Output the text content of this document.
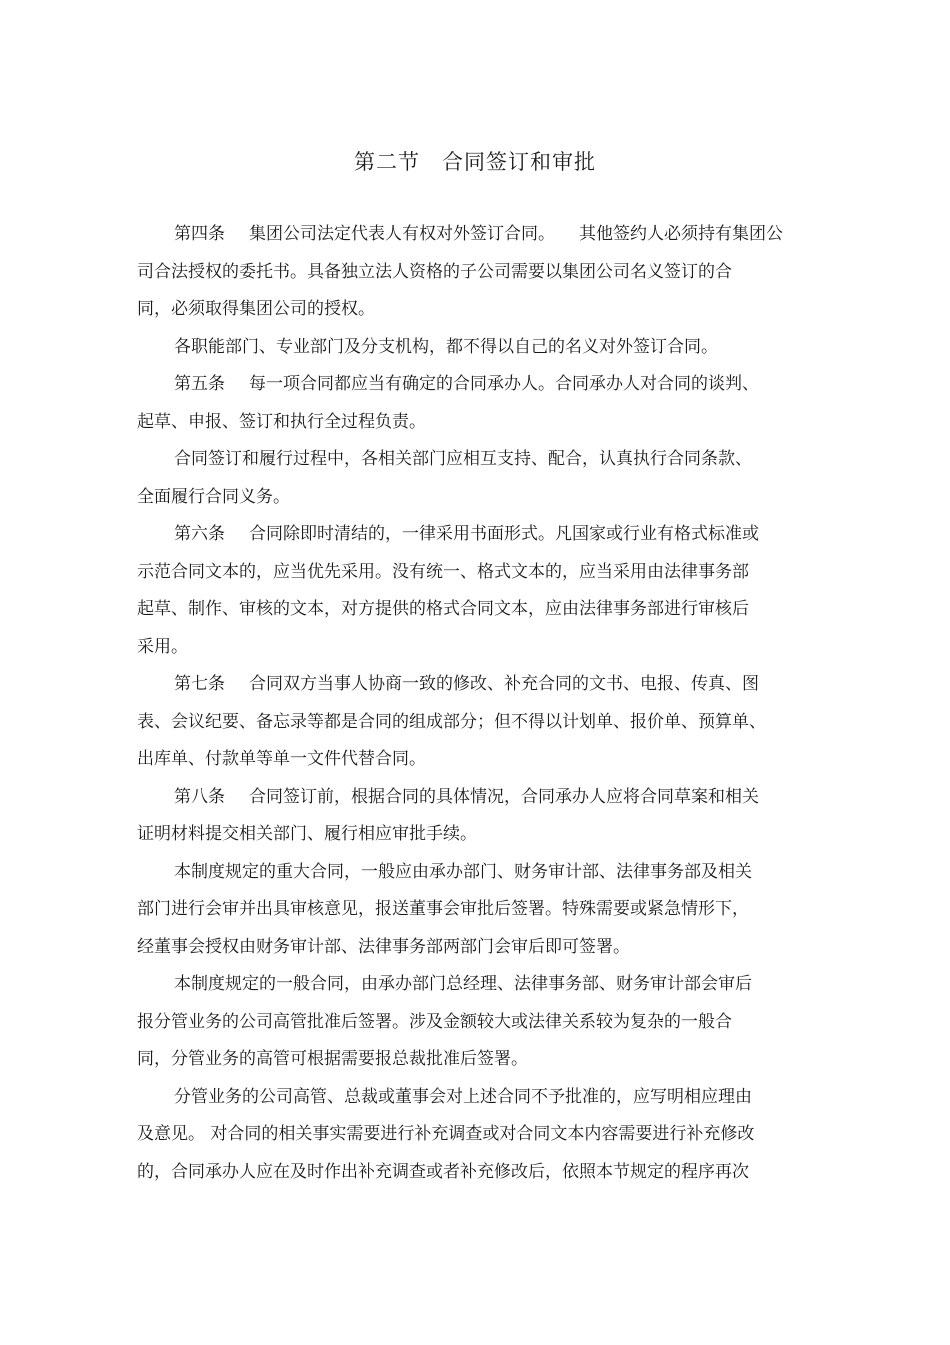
第二节 合同签订和审批
第四条 集团公司法定代表人有权对外签订合同。 其他签约人必须持有集团公
司合法授权的委托书。具备独立法人资格的子公司需要以集团公司名义签订的合
同，必须取得集团公司的授权。
各职能部门、专业部门及分支机构，都不得以自己的名义对外签订合同。
第五条 每一项合同都应当有确定的合同承办人。合同承办人对合同的谈判、
起草、申报、签订和执行全过程负责。
合同签订和履行过程中，各相关部门应相互支持、配合，认真执行合同条款、
全面履行合同义务。
第六条 合同除即时清结的，一律采用书面形式。凡国家或行业有格式标准或
示范合同文本的，应当优先采用。没有统一、格式文本的，应当采用由法律事务部
起草、制作、审核的文本，对方提供的格式合同文本，应由法律事务部进行审核后
采用。
第七条 合同双方当事人协商一致的修改、补充合同的文书、电报、传真、图
表、会议纪要、备忘录等都是合同的组成部分；但不得以计划单、报价单、预算单、
出库单、付款单等单一文件代替合同。
第八条 合同签订前，根据合同的具体情况，合同承办人应将合同草案和相关
证明材料提交相关部门、履行相应审批手续。
本制度规定的重大合同，一般应由承办部门、财务审计部、法律事务部及相关
部门进行会审并出具审核意见，报送董事会审批后签署。特殊需要或紧急情形下，
经董事会授权由财务审计部、法律事务部两部门会审后即可签署。
本制度规定的一般合同，由承办部门总经理、法律事务部、财务审计部会审后
报分管业务的公司高管批准后签署。涉及金额较大或法律关系较为复杂的一般合
同，分管业务的高管可根据需要报总裁批准后签署。
分管业务的公司高管、总裁或董事会对上述合同不予批准的，应写明相应理由
及意见。 对合同的相关事实需要进行补充调查或对合同文本内容需要进行补充修改
的，合同承办人应在及时作出补充调查或者补充修改后，依照本节规定的程序再次
